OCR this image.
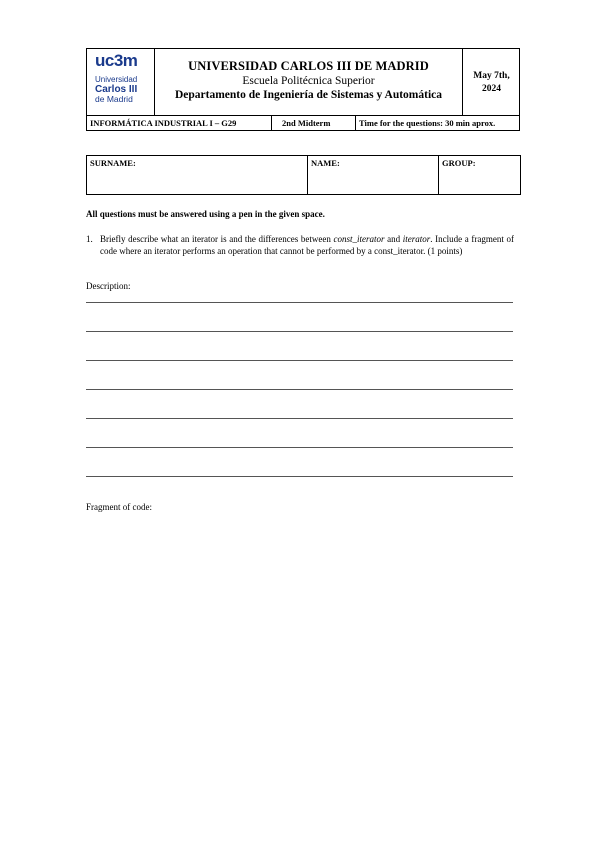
uc3m
Universidad
Carlos III
de Madrid
UNIVERSIDAD CARLOS III DE MADRID
Escuela Politécnica Superior
Departamento de Ingeniería de Sistemas y Automática
May 7th,
2024
INFORMÁTICA INDUSTRIAL I – G29	2nd Midterm	Time for the questions: 30 min aprox.
SURNAME:	NAME:	GROUP:
All questions must be answered using a pen in the given space.
1. Briefly describe what an iterator is and the differences between const_iterator and iterator. Include a fragment of code where an iterator performs an operation that cannot be performed by a const_iterator. (1 points)
Description:
Fragment of code:
